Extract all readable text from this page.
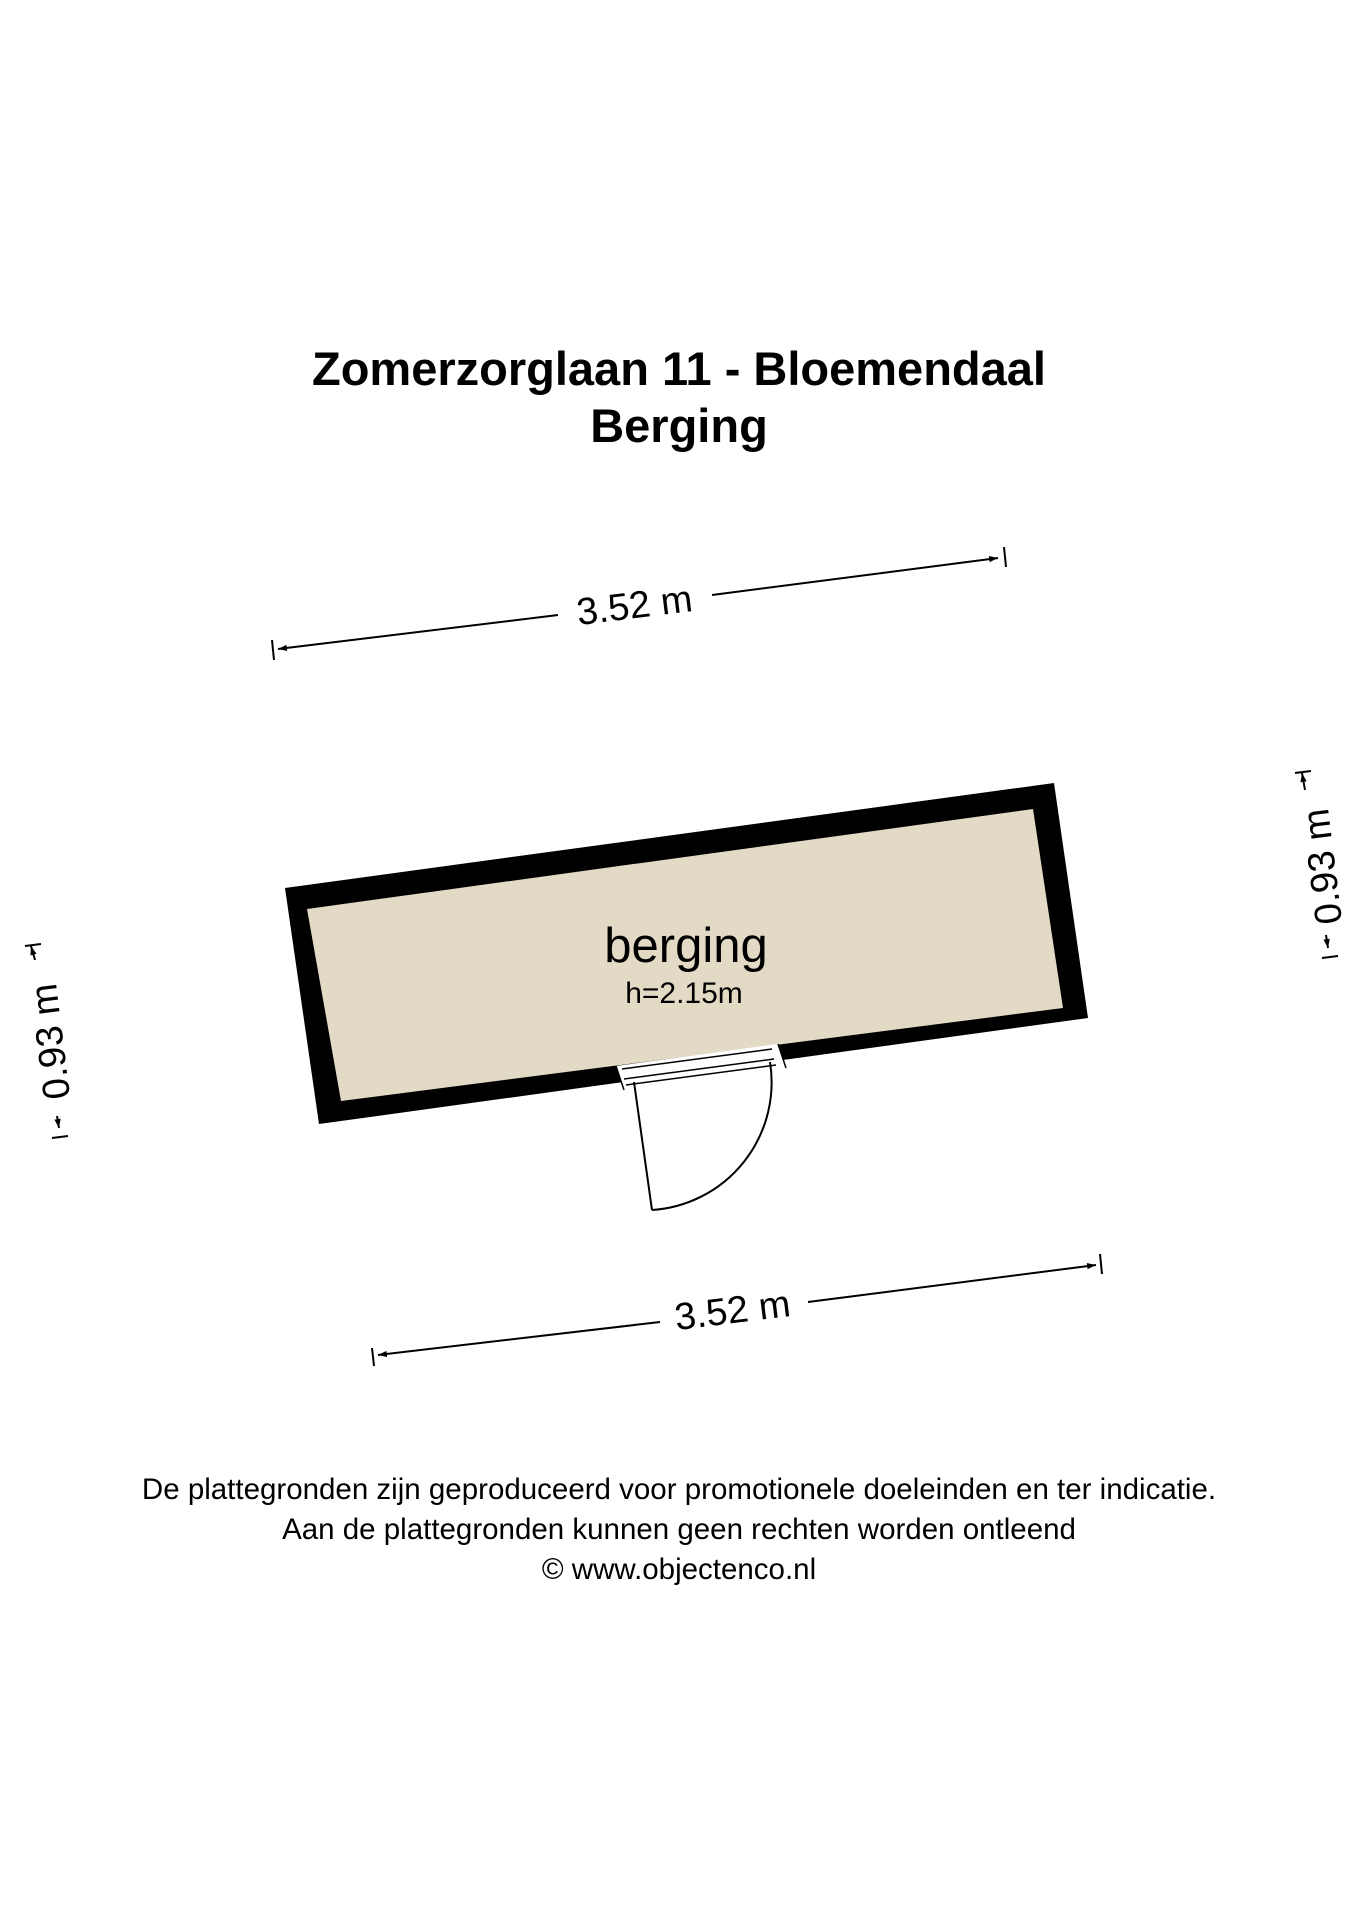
Zomerzorglaan 11 - Bloemendaal
Berging
3.52 m
3.52 m
0.93 m
0.93 m
berging
h=2.15m
De plattegronden zijn geproduceerd voor promotionele doeleinden en ter indicatie.
Aan de plattegronden kunnen geen rechten worden ontleend
© www.objectenco.nl
